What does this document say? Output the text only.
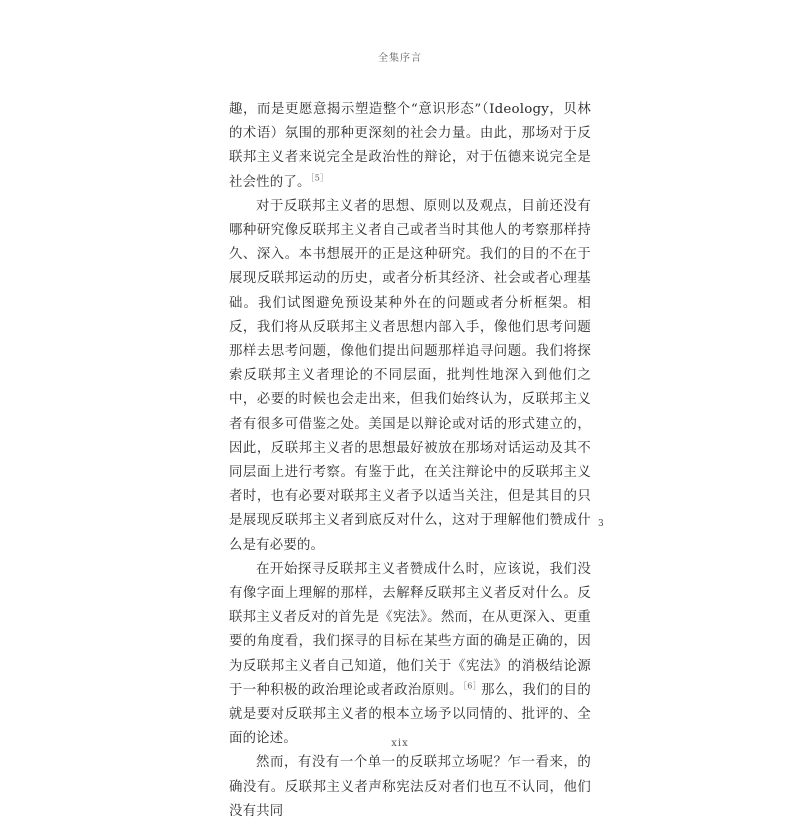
全集序言

趣，而是更愿意揭示塑造整个“意识形态”（Ideology，贝林的术语）氛围的那种更深刻的社会力量。由此，那场对于反联邦主义者来说完全是政治性的辩论，对于伍德来说完全是社会性的了。$^{[5]}$

对于反联邦主义者的思想、原则以及观点，目前还没有哪种研究像反联邦主义者自己或者当时其他人的考察那样持久、深入。本书想展开的正是这种研究。我们的目的不在于展现反联邦运动的历史，或者分析其经济、社会或者心理基础。我们试图避免预设某种外在的问题或者分析框架。相反，我们将从反联邦主义者思想内部入手，像他们思考问题那样去思考问题，像他们提出问题那样追寻问题。我们将探索反联邦主义者理论的不同层面，批判性地深入到他们之中，必要的时候也会走出来，但我们始终认为，反联邦主义者有很多可借鉴之处。美国是以辩论或对话的形式建立的，因此，反联邦主义者的思想最好被放在那场对话运动及其不同层面上进行考察。有鉴于此，在关注辩论中的反联邦主义者时，也有必要对联邦主义者予以适当关注，但是其目的只是展现反联邦主义者到底反对什么，这对于理解他们赞成什么是有必要的。

在开始探寻反联邦主义者赞成什么时，应该说，我们没有像字面上理解的那样，去解释反联邦主义者反对什么。反联邦主义者反对的首先是《宪法》。然而，在从更深入、更重要的角度看，我们探寻的目标在某些方面的确是正确的，因为反联邦主义者自己知道，他们关于《宪法》的消极结论源于一种积极的政治理论或者政治原则。$^{[6]}$那么，我们的目的就是要对反联邦主义者的根本立场予以同情的、批评的、全面的论述。

然而，有没有一个单一的反联邦立场呢？乍一看来，的确没有。反联邦主义者声称宪法反对者们也互不认同，他们没有共同

3
xix
